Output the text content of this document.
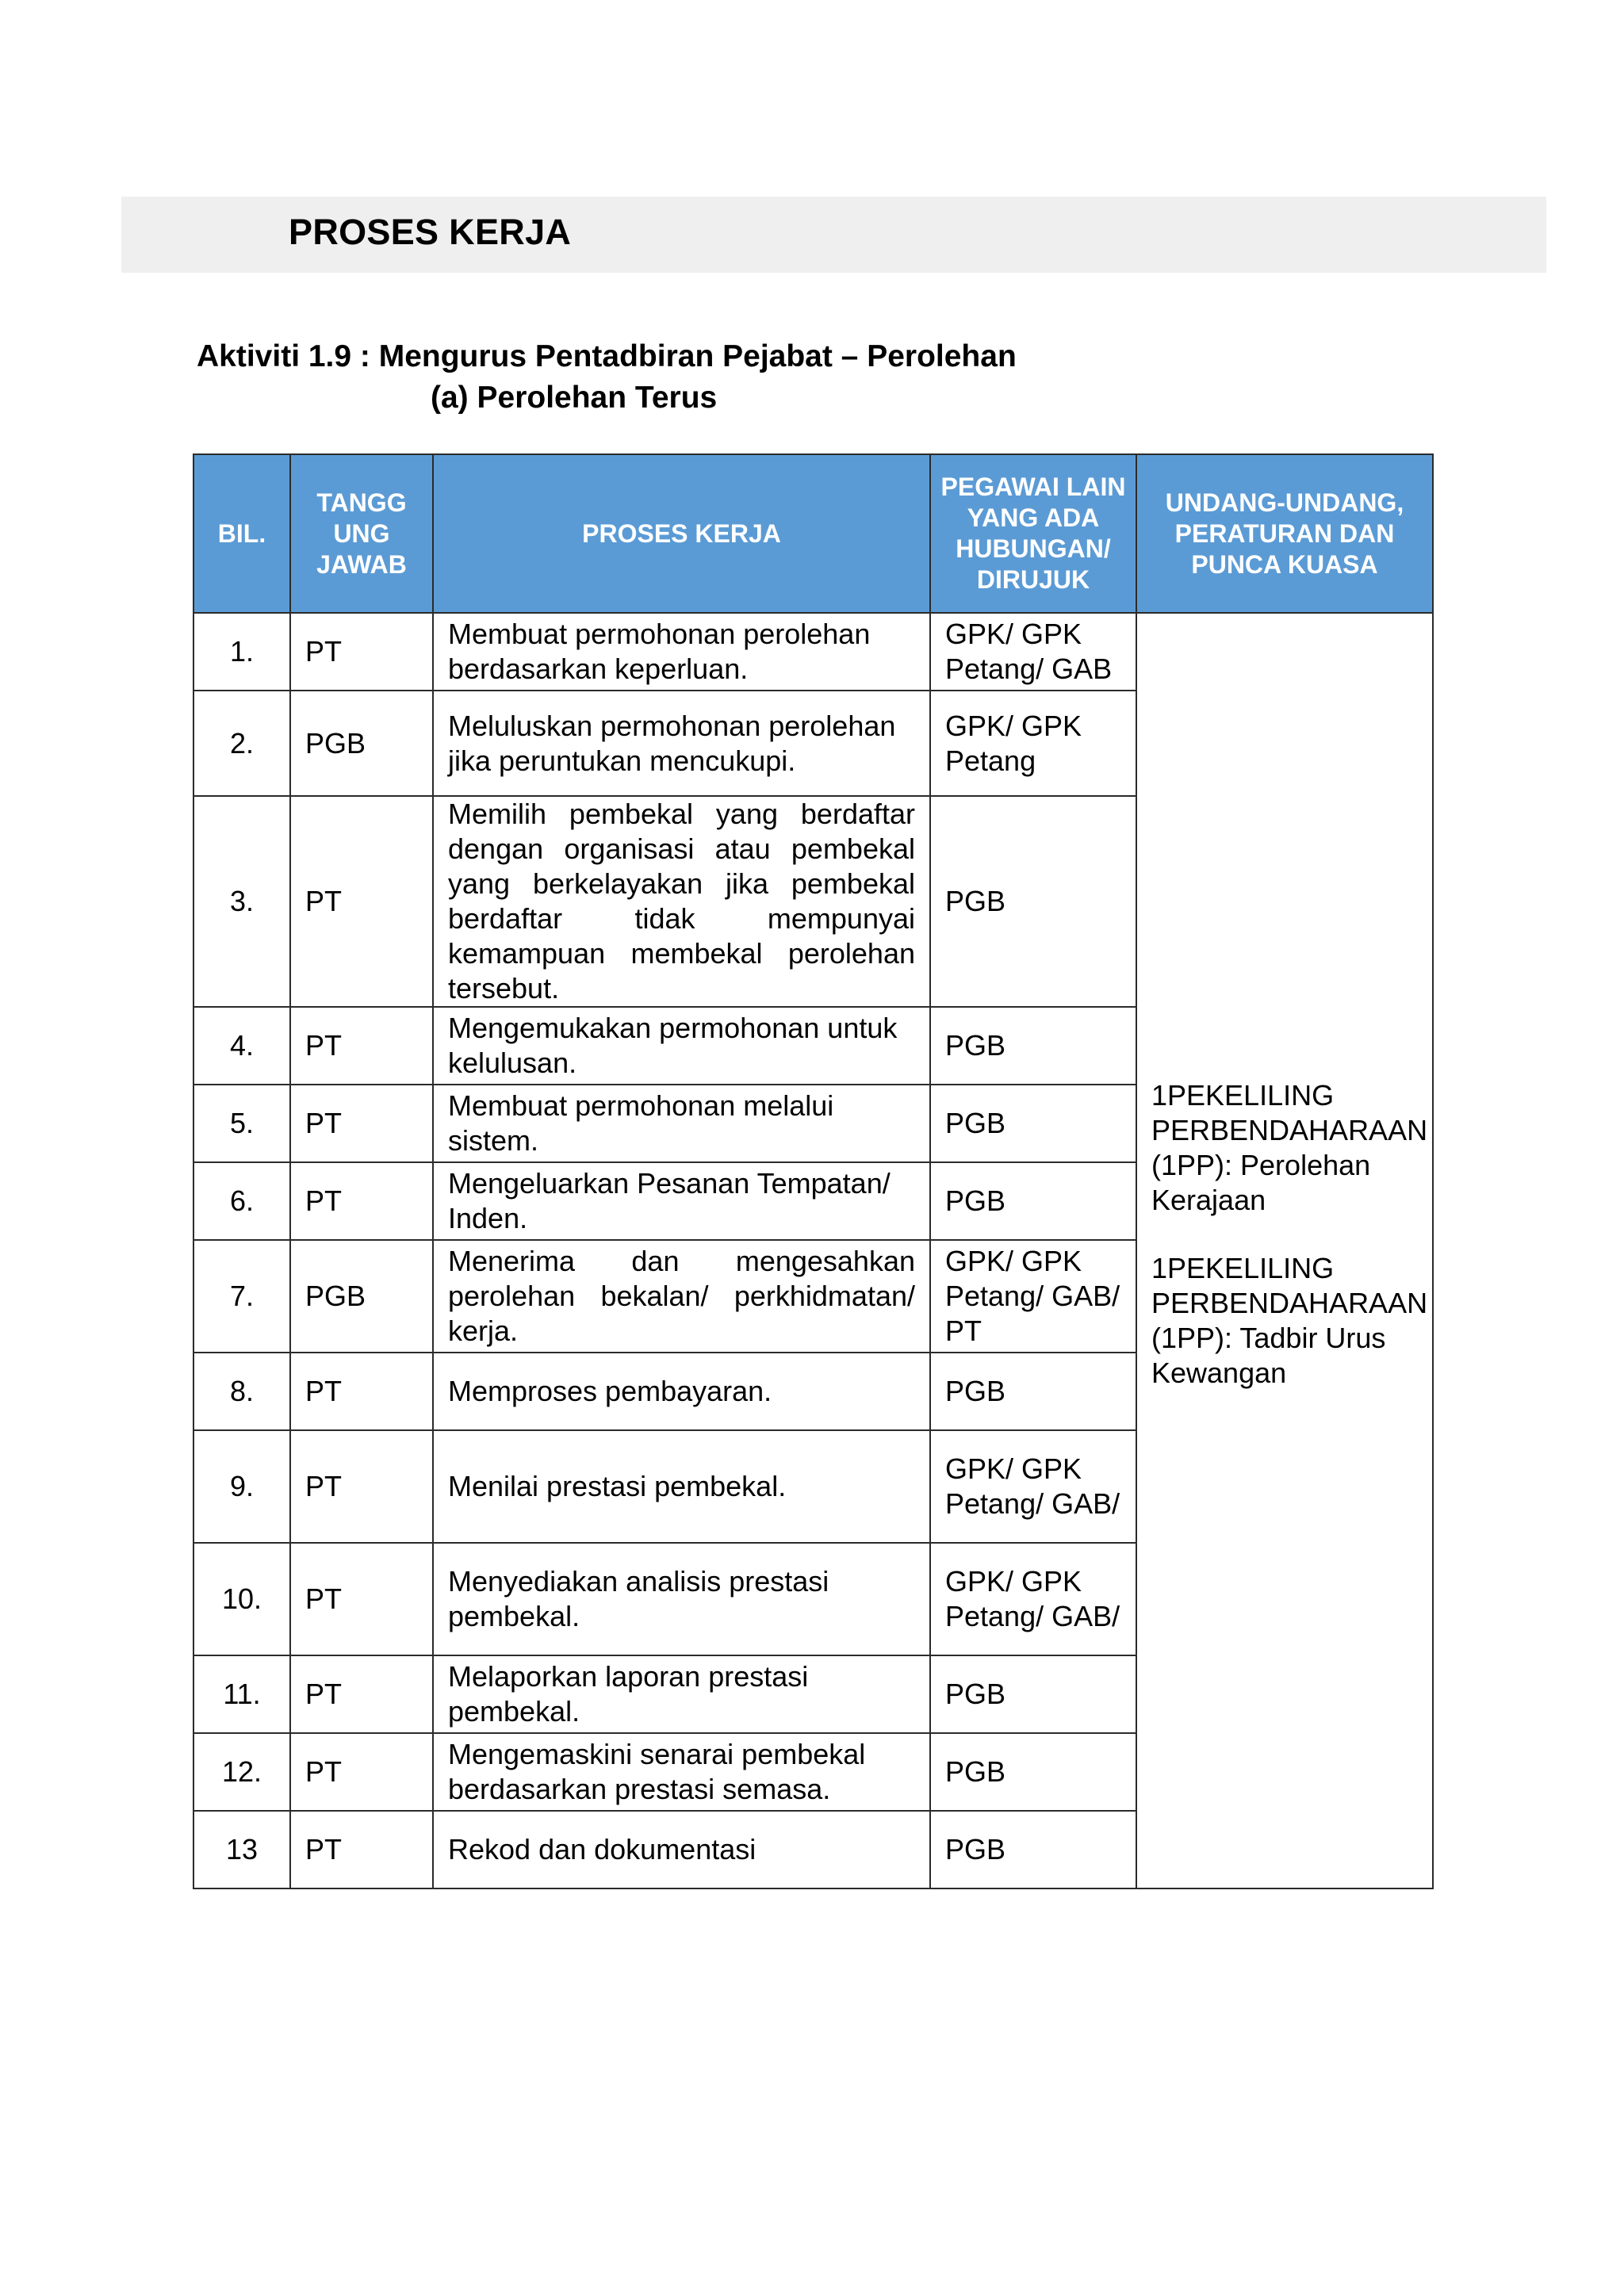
PROSES KERJA
Aktiviti 1.9 : Mengurus Pentadbiran Pejabat – Perolehan
(a) Perolehan Terus
BIL.	TANGG UNG JAWAB	PROSES KERJA	PEGAWAI LAIN YANG ADA HUBUNGAN/ DIRUJUK	UNDANG-UNDANG, PERATURAN DAN PUNCA KUASA
1.	PT	Membuat permohonan perolehan berdasarkan keperluan.	GPK/ GPK Petang/ GAB	1PEKELILING PERBENDAHARAAN (1PP): Perolehan Kerajaan
1PEKELILING PERBENDAHARAAN (1PP): Tadbir Urus Kewangan

2.	PGB	Meluluskan permohonan perolehan jika peruntukan mencukupi.	GPK/ GPK Petang	
3.	PT	Memilih pembekal yang berdaftar dengan organisasi atau pembekal yang berkelayakan jika pembekal berdaftar tidak mempunyai kemampuan membekal perolehan tersebut.	PGB	
4.	PT	Mengemukakan permohonan untuk kelulusan.	PGB	
5.	PT	Membuat permohonan melalui sistem.	PGB	
6.	PT	Mengeluarkan Pesanan Tempatan/ Inden.	PGB	
7.	PGB	Menerima dan mengesahkan perolehan bekalan/ perkhidmatan/ kerja.	GPK/ GPK Petang/ GAB/ PT	
8.	PT	Memproses pembayaran.	PGB	
9.	PT	Menilai prestasi pembekal.	GPK/ GPK Petang/ GAB/	
10.	PT	Menyediakan analisis prestasi pembekal.	GPK/ GPK Petang/ GAB/	
11.	PT	Melaporkan laporan prestasi pembekal.	PGB	
12.	PT	Mengemaskini senarai pembekal berdasarkan prestasi semasa.	PGB	
13	PT	Rekod dan dokumentasi	PGB	
